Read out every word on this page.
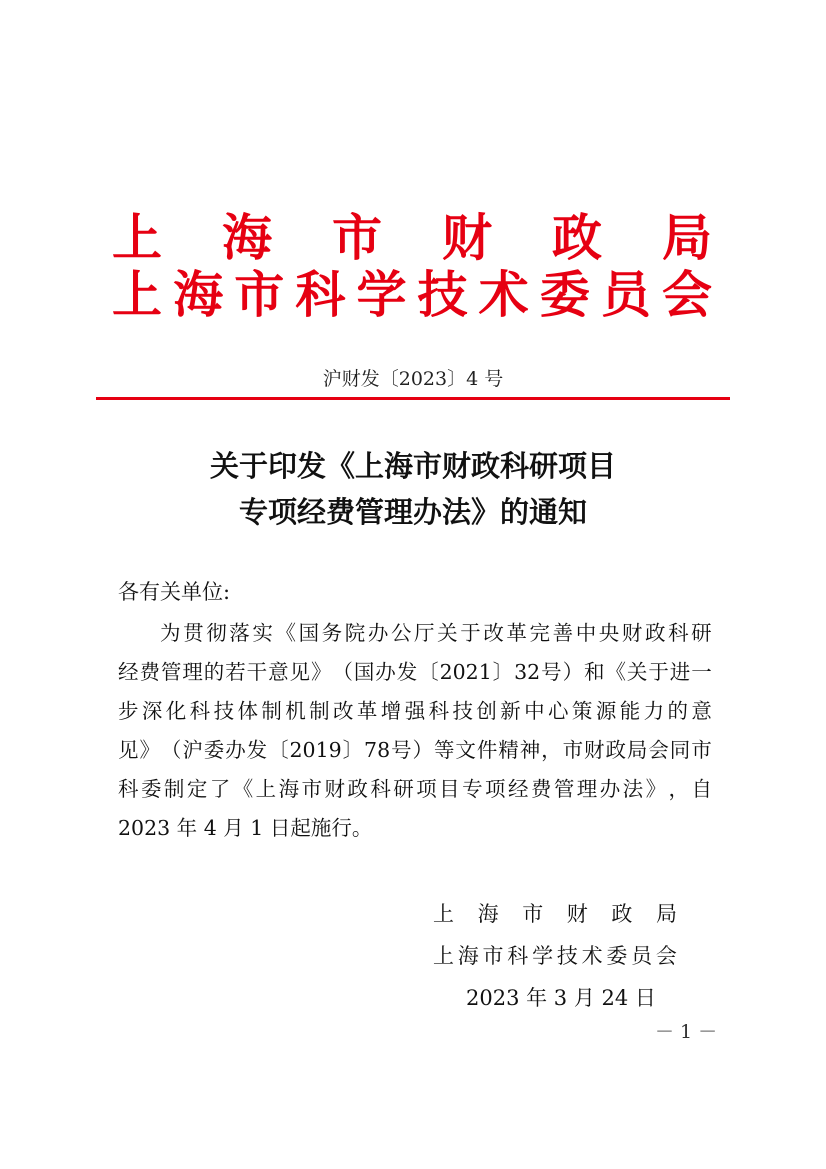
上 海 市 财 政 局
上 海 市 科 学 技 术 委 员 会
沪财发〔2023〕4 号
关于印发《上海市财政科研项目
专项经费管理办法》的通知
各有关单位:
为 贯 彻 落 实 《 国 务 院 办 公 厅 关 于 改 革 完 善 中 央 财 政 科 研
经 费 管 理 的 若 干 意 见 》 （ 国 办 发 〔 2021 〕 32 号 ） 和 《 关 于 进 一
步 深 化 科 技 体 制 机 制 改 革 增 强 科 技 创 新 中 心 策 源 能 力 的 意
见 》 （ 沪 委 办 发 〔 2019 〕 78 号 ） 等 文 件 精 神 ， 市 财 政 局 会 同 市
科 委 制 定 了 《 上 海 市 财 政 科 研 项 目 专 项 经 费 管 理 办 法 》 ， 自
2023 年 4 月 1 日起施行。
上 海 市 财 政 局
上 海 市 科 学 技 术 委 员 会
2023 年 3 月 24 日
－ 1 －
